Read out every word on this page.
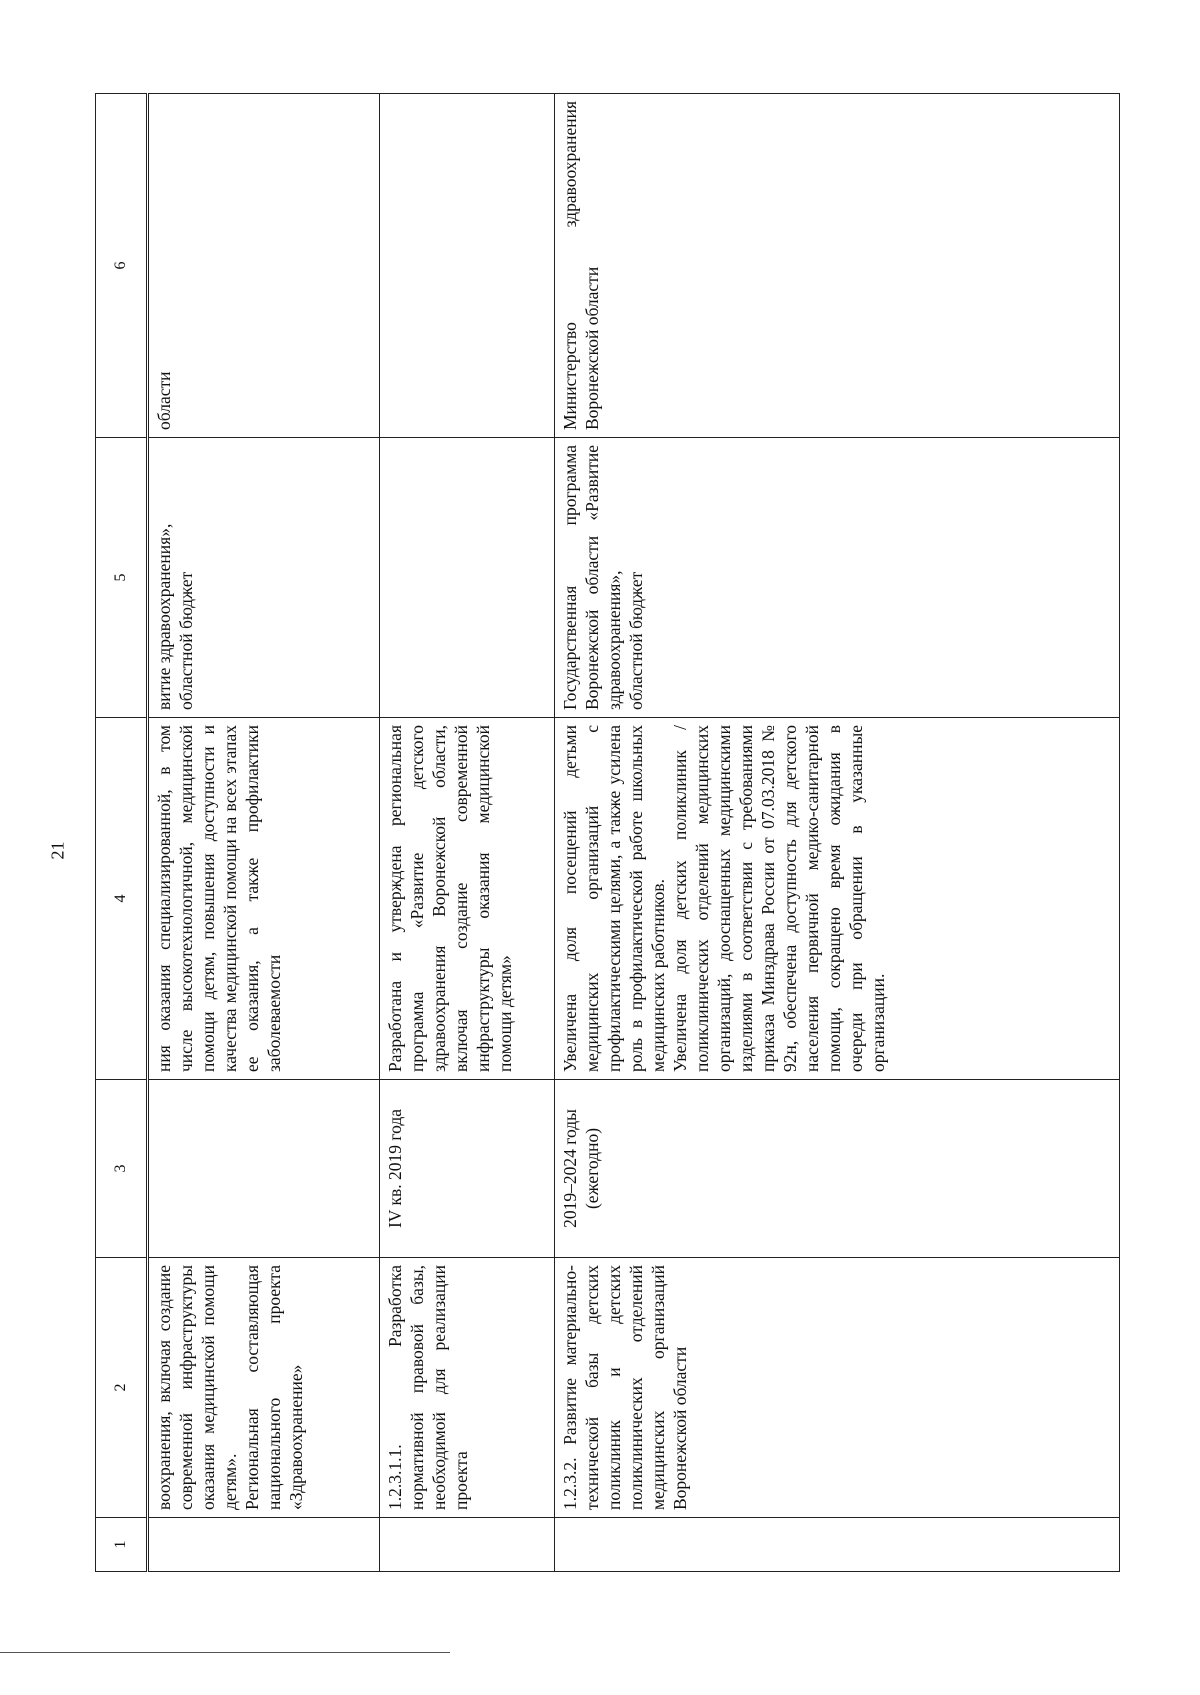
21
1	2	3	4	5	6

	воохранения, включая создание современной инфраструктуры оказания медицинской помощи детям». Региональная составляющая национального проекта «Здравоохранение»		ния оказания специализированной, в том числе высокотехнологичной, медицинской помощи детям, повышения доступности и качества медицинской помощи на всех этапах ее оказания, а также профилактики заболеваемости	витие здравоохранения», областной бюджет	области
	1.2.3.1.1. Разработка нормативной правовой базы, необходимой для реализации проекта	IV кв. 2019 года	Разработана и утверждена региональная программа «Развитие детского здравоохранения Воронежской области, включая создание современной инфраструктуры оказания медицинской помощи детям»		
	1.2.3.2. Развитие материально-технической базы детских поликлиник и детских поликлинических отделений медицинских организаций Воронежской области	2019–2024 годы (ежегодно)	Увеличена доля посещений детьми медицинских организаций с профилактическими целями, а также усилена роль в профилактической работе школьных медицинских работников. Увеличена доля детских поликлиник / поликлинических отделений медицинских организаций, дооснащенных медицинскими изделиями в соответствии с требованиями приказа Минздрава России от 07.03.2018 № 92н, обеспечена доступность для детского населения первичной медико-санитарной помощи, сокращено время ожидания в очереди при обращении в указанные организации.	Государственная программа Воронежской области «Развитие здравоохранения», областной бюджет	Министерство здравоохранения Воронежской области
